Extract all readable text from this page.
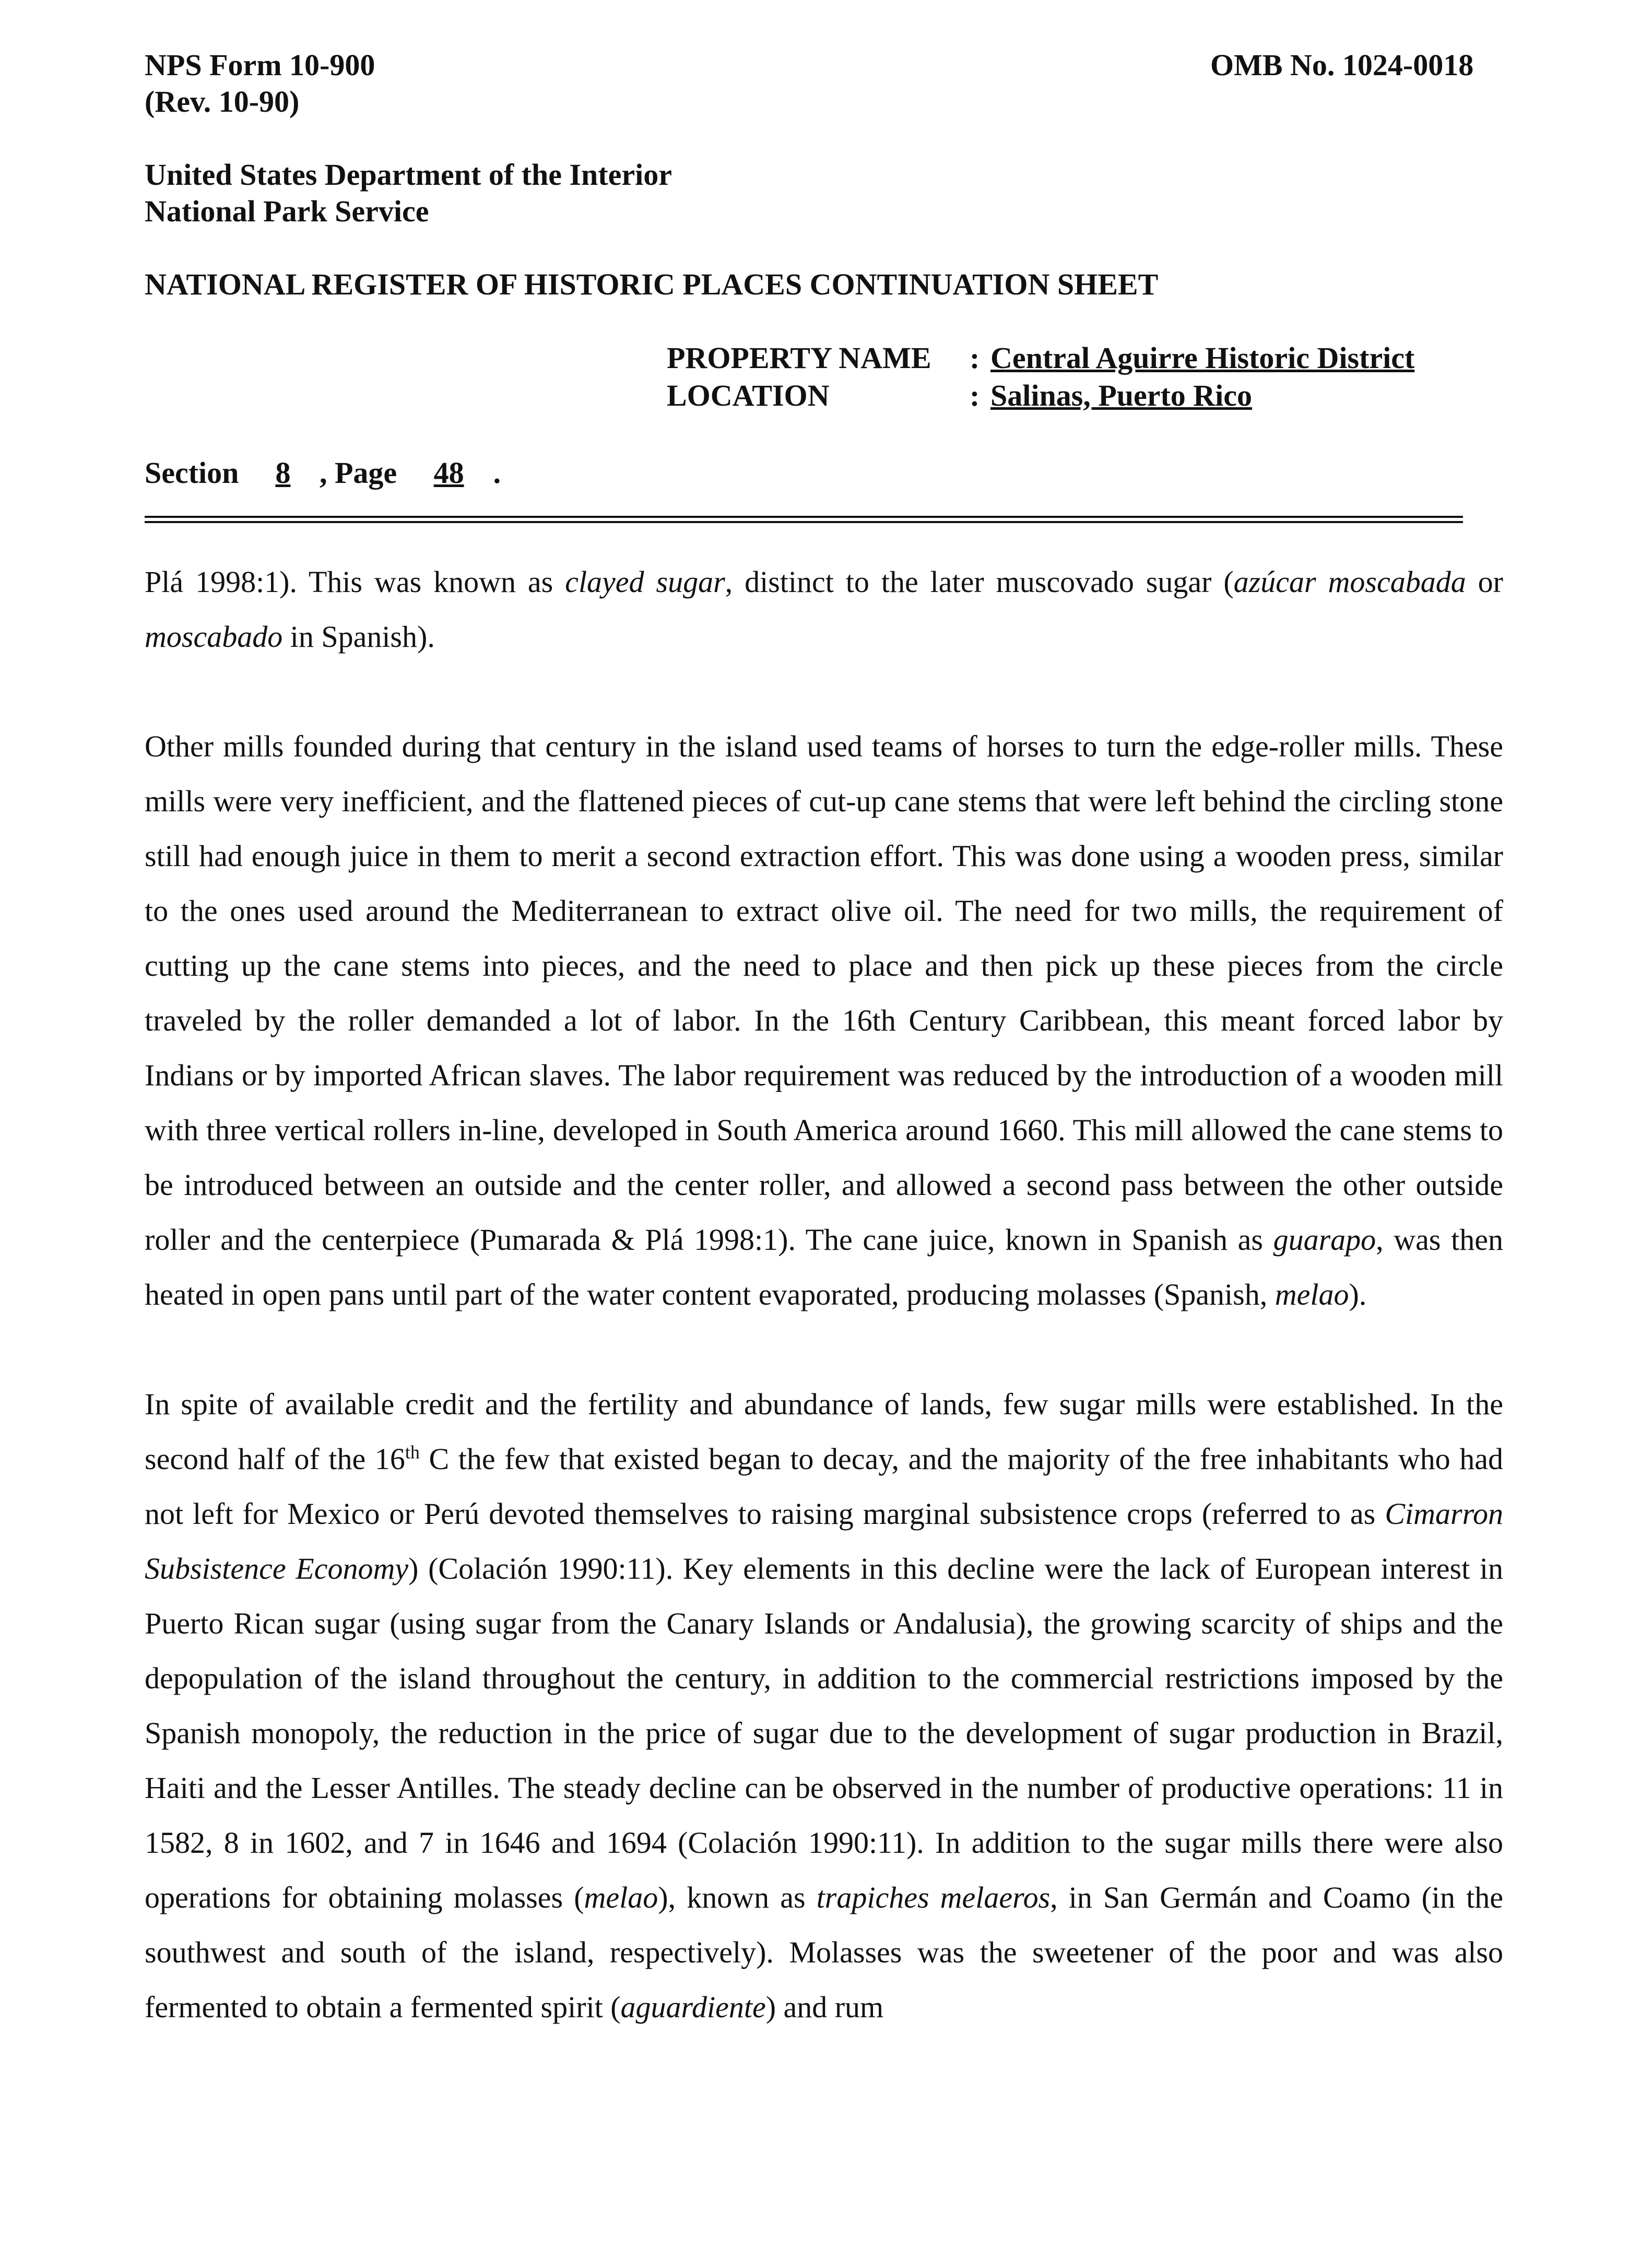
NPS Form 10-900
(Rev. 10-90)
OMB No. 1024-0018
United States Department of the Interior
National Park Service
NATIONAL REGISTER OF HISTORIC PLACES CONTINUATION SHEET
PROPERTY NAME	: Central Aguirre Historic District
LOCATION	: Salinas, Puerto Rico
Section 8 , Page 48 .

Plá 1998:1). This was known as clayed sugar, distinct to the later muscovado sugar (azúcar moscabada or moscabado in Spanish).

Other mills founded during that century in the island used teams of horses to turn the edge-roller mills. These mills were very inefficient, and the flattened pieces of cut-up cane stems that were left behind the circling stone still had enough juice in them to merit a second extraction effort. This was done using a wooden press, similar to the ones used around the Mediterranean to extract olive oil. The need for two mills, the requirement of cutting up the cane stems into pieces, and the need to place and then pick up these pieces from the circle traveled by the roller demanded a lot of labor. In the 16th Century Caribbean, this meant forced labor by Indians or by imported African slaves. The labor requirement was reduced by the introduction of a wooden mill with three vertical rollers in-line, developed in South America around 1660. This mill allowed the cane stems to be introduced between an outside and the center roller, and allowed a second pass between the other outside roller and the centerpiece (Pumarada & Plá 1998:1). The cane juice, known in Spanish as guarapo, was then heated in open pans until part of the water content evaporated, producing molasses (Spanish, melao).

In spite of available credit and the fertility and abundance of lands, few sugar mills were established. In the second half of the 16th C the few that existed began to decay, and the majority of the free inhabitants who had not left for Mexico or Perú devoted themselves to raising marginal subsistence crops (referred to as Cimarron Subsistence Economy) (Colación 1990:11). Key elements in this decline were the lack of European interest in Puerto Rican sugar (using sugar from the Canary Islands or Andalusia), the growing scarcity of ships and the depopulation of the island throughout the century, in addition to the commercial restrictions imposed by the Spanish monopoly, the reduction in the price of sugar due to the development of sugar production in Brazil, Haiti and the Lesser Antilles. The steady decline can be observed in the number of productive operations: 11 in 1582, 8 in 1602, and 7 in 1646 and 1694 (Colación 1990:11). In addition to the sugar mills there were also operations for obtaining molasses (melao), known as trapiches melaeros, in San Germán and Coamo (in the southwest and south of the island, respectively). Molasses was the sweetener of the poor and was also fermented to obtain a fermented spirit (aguardiente) and rum
